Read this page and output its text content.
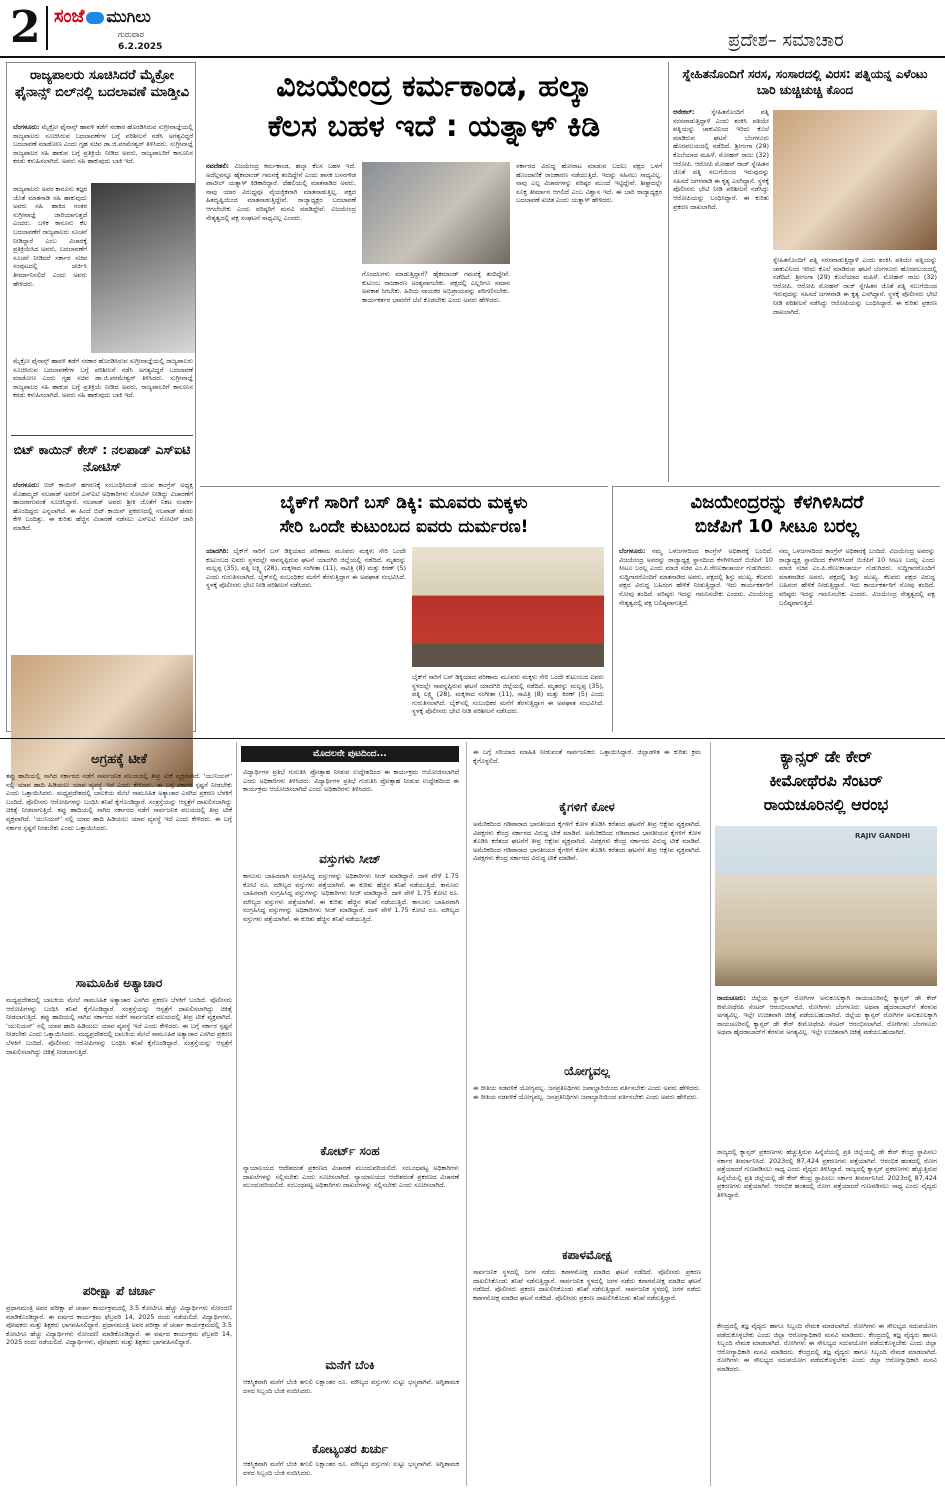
2 ಸಂಜೆ ಮುಗಿಲು
ಗುರುವಾರ
6.2.2025	ಪ್ರದೇಶ– ಸಮಾಚಾರ
ರಾಜ್ಯಪಾಲರು ಸೂಚಿಸಿದರೆ ಮೈಕ್ರೋ ಫೈನಾನ್ಸ್ ಬಿಲ್‌ನಲ್ಲಿ ಬದಲಾವಣೆ ಮಾಡ್ತೀವಿ
ಬೆಂಗಳೂರು: ಮೈಕ್ರೋ ಫೈನಾನ್ಸ್ ಹಾವಳಿ ತಡೆಗೆ ಸರಕಾರ ಹೊರಡಿಸಿರುವ ಸುಗ್ರೀವಾಜ್ಞೆಯಲ್ಲಿ ರಾಜ್ಯಪಾಲರು ಸೂಚಿಸಿರುವ ಬದಲಾವಣೆಗಳ ಬಗ್ಗೆ ಪರಿಶೀಲನೆ ನಡೆಸಿ ಅಗತ್ಯವಿದ್ದರೆ ಬದಲಾವಣೆ ಮಾಡೋಣ ಎಂದು ಗೃಹ ಸಚಿವ ಡಾ.ಜಿ.ಪರಮೇಶ್ವರ್ ತಿಳಿಸಿದರು. ಸುಗ್ರೀವಾಜ್ಞೆ ರಾಜ್ಯಪಾಲರ ಸಹಿ ಹಾಕುವ ಬಗ್ಗೆ ಪ್ರತಿಕ್ರಿಯೆ ನೀಡಿದ ಅವರು, ರಾಜ್ಯಪಾಲರಿಗೆ ಕಾನೂನಿನ ಕರಡು ಕಳುಹಿಸಲಾಗಿದೆ. ಅವರು ಸಹಿ ಹಾಕುವುದು ಬಾಕಿ ಇದೆ.
ರಾಜ್ಯಪಾಲರು ಅವರ ಕಾನೂನು ತಜ್ಞರ ಜೊತೆ ಮಾತನಾಡಿ ಸಹಿ ಹಾಕುವುದು ಅವರು ಸಹಿ ಹಾಕಿದ ನಂತರ ಸುಗ್ರೀವಾಜ್ಞೆ ಜಾರಿಯಾಗುತ್ತದೆ ಎಂದರು. ಬಳಿಕ ಕಾನೂನು ಕೆಲ ಬದಲಾವಣೆಗೆ ರಾಜ್ಯಪಾಲರು ಸೂಚನೆ ನೀಡಿದ್ದಾರೆ ಎಂಬ ವಿಚಾರಕ್ಕೆ ಪ್ರತಿಕ್ರಿಯಿಸಿದ ಅವರು, ಬದಲಾವಣೆಗೆ ಸೂಚನೆ ನೀಡಿದರೆ ಸರ್ಕಾರ ಸಚಿವ ಸಂಪುಟದಲ್ಲಿ ಚರ್ಚಿಸಿ ತೀರ್ಮಾನಿಸಲಿದೆ ಎಂದು ಅವರು ಹೇಳಿದರು.
ಮೈಕ್ರೋ ಫೈನಾನ್ಸ್ ಹಾವಳಿ ತಡೆಗೆ ಸರಕಾರ ಹೊರಡಿಸಿರುವ ಸುಗ್ರೀವಾಜ್ಞೆಯಲ್ಲಿ ರಾಜ್ಯಪಾಲರು ಸೂಚಿಸಿರುವ ಬದಲಾವಣೆಗಳ ಬಗ್ಗೆ ಪರಿಶೀಲನೆ ನಡೆಸಿ ಅಗತ್ಯವಿದ್ದರೆ ಬದಲಾವಣೆ ಮಾಡೋಣ ಎಂದು ಗೃಹ ಸಚಿವ ಡಾ.ಜಿ.ಪರಮೇಶ್ವರ್ ತಿಳಿಸಿದರು. ಸುಗ್ರೀವಾಜ್ಞೆ ರಾಜ್ಯಪಾಲರ ಸಹಿ ಹಾಕುವ ಬಗ್ಗೆ ಪ್ರತಿಕ್ರಿಯೆ ನೀಡಿದ ಅವರು, ರಾಜ್ಯಪಾಲರಿಗೆ ಕಾನೂನಿನ ಕರಡು ಕಳುಹಿಸಲಾಗಿದೆ. ಅವರು ಸಹಿ ಹಾಕುವುದು ಬಾಕಿ ಇದೆ.
ಬಿಟ್ ಕಾಯಿನ್ ಕೇಸ್ : ನಲಪಾಡ್ ಎಸ್‌ಐಟಿ ನೋಟಿಸ್
ಬೆಂಗಳೂರು: ಬಿಟ್ ಕಾಯಿನ್ ಹಗರಣಕ್ಕೆ ಸಂಬಂಧಿಸಿದಂತೆ ಯುವ ಕಾಂಗ್ರೆಸ್ ಅಧ್ಯಕ್ಷ ಮೊಹಮ್ಮದ್ ನಲಪಾಡ್ ಅವರಿಗೆ ಎಸ್‌ಐಟಿ ಅಧಿಕಾರಿಗಳು ನೋಟಿಸ್ ನೀಡಿದ್ದು ವಿಚಾರಣೆಗೆ ಹಾಜರಾಗುವಂತೆ ಸೂಚಿಸಿದ್ದಾರೆ. ನಲಪಾಡ್ ಅವರು ಶ್ರೀಕಿ ಜೊತೆಗೆ ನಿಕಟ ಸಂಪರ್ಕ ಹೊಂದಿದ್ದರು ಎನ್ನಲಾಗಿದೆ. ಈ ಹಿಂದೆ ಬಿಟ್ ಕಾಯಿನ್ ಪ್ರಕರಣದಲ್ಲಿ ನಲಪಾಡ್ ಹೆಸರು ಕೇಳಿ ಬಂದಿತ್ತು. ಈ ಕುರಿತು ಹೆಚ್ಚಿನ ವಿಚಾರಣೆ ನಡೆಸಲು ಎಸ್‌ಐಟಿ ನೋಟಿಸ್ ಜಾರಿ ಮಾಡಿದೆ.
ವಿಜಯೇಂದ್ರ ಕರ್ಮಕಾಂಡ, ಹಲ್ಕಾ
ಕೆಲಸ ಬಹಳ ಇದೆ : ಯತ್ನಾಳ್ ಕಿಡಿ
ನವದೆಹಲಿ: ವಿಜಯೇಂದ್ರ ಕರ್ಮಕಾಂಡ, ಹಲ್ಕಾ ಕೆಲಸ ಬಹಳ ಇದೆ. ಅದೆಲ್ಲವನ್ನೂ ಹೈಕಮಾಂಡ್ ಗಮನಕ್ಕೆ ತಂದಿದ್ದೇನೆ ಎಂದು ಶಾಸಕ ಬಸನಗೌಡ ಪಾಟೀಲ್ ಯತ್ನಾಳ್ ಕಿಡಿಕಾರಿದ್ದಾರೆ. ದೆಹಲಿಯಲ್ಲಿ ಮಾತನಾಡಿದ ಅವರು, ನಾವು ಯಾರ ವಿರುದ್ಧವೂ ವೈಯಕ್ತಿಕವಾಗಿ ಮಾತನಾಡುತ್ತಿಲ್ಲ. ಪಕ್ಷದ ಹಿತದೃಷ್ಟಿಯಿಂದ ಮಾತನಾಡುತ್ತಿದ್ದೇವೆ. ರಾಜ್ಯಾಧ್ಯಕ್ಷರ ಬದಲಾವಣೆ ಆಗಲೇಬೇಕು ಎಂದು ವರಿಷ್ಠರಿಗೆ ಮನವಿ ಮಾಡಿದ್ದೇವೆ. ವಿಜಯೇಂದ್ರ ನೇತೃತ್ವದಲ್ಲಿ ಪಕ್ಷ ಸಂಘಟನೆ ಸಾಧ್ಯವಿಲ್ಲ ಎಂದರು.
ಗೊಂದಲಗಳು ಮಾಡುತ್ತಿದ್ದಾರೆ? ಹೈಕಮಾಂಡ್ ಗಮನಕ್ಕೆ ತಂದಿದ್ದೇವೆ. ಕುಟುಂಬ ರಾಜಕಾರಣ ಅಂತ್ಯವಾಗಬೇಕು. ಪಕ್ಷದಲ್ಲಿ ಎಲ್ಲರಿಗೂ ಸಮಾನ ಅವಕಾಶ ಸಿಗಬೇಕು. ಹಿರಿಯ ನಾಯಕರ ಅಭಿಪ್ರಾಯವನ್ನು ಪರಿಗಣಿಸಬೇಕು. ಕಾರ್ಯಕರ್ತರ ಭಾವನೆಗೆ ಬೆಲೆ ಕೊಡಬೇಕು ಎಂದು ಅವರು ಹೇಳಿದರು.
ಸರ್ಕಾರದ ವಿರುದ್ಧ ಹೋರಾಟ ಮಾಡುವ ಬದಲು ಪಕ್ಷದ ಒಳಗೆ ಹೊಂದಾಣಿಕೆ ರಾಜಕಾರಣ ನಡೆಯುತ್ತಿದೆ. ಇದನ್ನು ಸಹಿಸಲು ಸಾಧ್ಯವಿಲ್ಲ. ನಾವು ಎಲ್ಲ ವಿಚಾರಗಳನ್ನು ವರಿಷ್ಠರ ಮುಂದೆ ಇಟ್ಟಿದ್ದೇವೆ. ಶೀಘ್ರದಲ್ಲೇ ಸೂಕ್ತ ತೀರ್ಮಾನ ಆಗಲಿದೆ ಎಂಬ ವಿಶ್ವಾಸ ಇದೆ. ಈ ಬಾರಿ ರಾಜ್ಯಾಧ್ಯಕ್ಷರ ಬದಲಾವಣೆ ಖಚಿತ ಎಂದು ಯತ್ನಾಳ್ ಹೇಳಿದರು.
ಸ್ನೇಹಿತನೊಂದಿಗೆ ಸರಸ, ಸಂಸಾರದಲ್ಲಿ ವಿರಸ: ಪತ್ನಿಯನ್ನ ಎಳೆಂಟು ಬಾರಿ ಚುಚ್ಚಿಚುಚ್ಚಿ ಕೊಂದ
ಆನೇಕಲ್:	ಸ್ನೇಹಿತನೊಂದಿಗೆ ಪತ್ನಿ ಸರಸವಾಡುತ್ತಿದ್ದಾಳೆ ಎಂದು ಶಂಕಿಸಿ ಪತಿಯೇ ಪತ್ನಿಯನ್ನು ಚಾಕುವಿನಿಂದ ಇರಿದು ಕೊಲೆ ಮಾಡಿರುವ ಘಟನೆ ಬೆಂಗಳೂರು ಹೊರವಲಯದಲ್ಲಿ ನಡೆದಿದೆ. ಶ್ರೀಗಂಗಾ (29) ಕೊಲೆಯಾದ ಮಹಿಳೆ. ಮೋಹನ್ ರಾಜು (32) ಆರೋಪಿ. ಆರೋಪಿ ಮೋಹನ್ ರಾಜ್ ಸ್ನೇಹಿತನ ಜೊತೆ ಪತ್ನಿ ಸಲುಗೆಯಿಂದ ಇರುವುದನ್ನು ಸಹಿಸದೆ ಜಗಳವಾಡಿ ಈ ಕೃತ್ಯ ಎಸಗಿದ್ದಾನೆ. ಸ್ಥಳಕ್ಕೆ ಪೊಲೀಸರು ಭೇಟಿ ನೀಡಿ ಪರಿಶೀಲನೆ ನಡೆಸಿದ್ದು ಆರೋಪಿಯನ್ನು ಬಂಧಿಸಿದ್ದಾರೆ. ಈ ಕುರಿತು ಪ್ರಕರಣ ದಾಖಲಾಗಿದೆ.
ಸ್ನೇಹಿತನೊಂದಿಗೆ ಪತ್ನಿ ಸರಸವಾಡುತ್ತಿದ್ದಾಳೆ ಎಂದು ಶಂಕಿಸಿ ಪತಿಯೇ ಪತ್ನಿಯನ್ನು ಚಾಕುವಿನಿಂದ ಇರಿದು ಕೊಲೆ ಮಾಡಿರುವ ಘಟನೆ ಬೆಂಗಳೂರು ಹೊರವಲಯದಲ್ಲಿ ನಡೆದಿದೆ. ಶ್ರೀಗಂಗಾ (29) ಕೊಲೆಯಾದ ಮಹಿಳೆ. ಮೋಹನ್ ರಾಜು (32) ಆರೋಪಿ. ಆರೋಪಿ ಮೋಹನ್ ರಾಜ್ ಸ್ನೇಹಿತನ ಜೊತೆ ಪತ್ನಿ ಸಲುಗೆಯಿಂದ ಇರುವುದನ್ನು ಸಹಿಸದೆ ಜಗಳವಾಡಿ ಈ ಕೃತ್ಯ ಎಸಗಿದ್ದಾನೆ. ಸ್ಥಳಕ್ಕೆ ಪೊಲೀಸರು ಭೇಟಿ ನೀಡಿ ಪರಿಶೀಲನೆ ನಡೆಸಿದ್ದು ಆರೋಪಿಯನ್ನು ಬಂಧಿಸಿದ್ದಾರೆ. ಈ ಕುರಿತು ಪ್ರಕರಣ ದಾಖಲಾಗಿದೆ.
ಬೈಕ್‌ಗೆ ಸಾರಿಗೆ ಬಸ್ ಡಿಕ್ಕಿ: ಮೂವರು ಮಕ್ಕಳು
ಸೇರಿ ಒಂದೇ ಕುಟುಂಬದ ಐವರು ದುರ್ಮರಣ!
ಯಾದಗಿರಿ: ಬೈಕ್‌ಗೆ ಸಾರಿಗೆ ಬಸ್ ಡಿಕ್ಕಿಯಾದ ಪರಿಣಾಮ ಮೂವರು ಮಕ್ಕಳು ಸೇರಿ ಒಂದೇ ಕುಟುಂಬದ ಐವರು ಸ್ಥಳದಲ್ಲೇ ಸಾವನ್ನಪ್ಪಿರುವ ಘಟನೆ ಯಾದಗಿರಿ ಜಿಲ್ಲೆಯಲ್ಲಿ ನಡೆದಿದೆ. ಮೃತರನ್ನು ಮಲ್ಲಪ್ಪ (35), ಪತ್ನಿ ಲಕ್ಷ್ಮಿ (28), ಮಕ್ಕಳಾದ ಸಂಗೀತಾ (11), ಸಾವಿತ್ರಿ (8) ಮತ್ತು ಕಿರಣ್ (5) ಎಂದು ಗುರುತಿಸಲಾಗಿದೆ. ಬೈಕ್‌ನಲ್ಲಿ ಸಂಬಂಧಿಕರ ಮನೆಗೆ ತೆರಳುತ್ತಿದ್ದಾಗ ಈ ಅಪಘಾತ ಸಂಭವಿಸಿದೆ. ಸ್ಥಳಕ್ಕೆ ಪೊಲೀಸರು ಭೇಟಿ ನೀಡಿ ಪರಿಶೀಲನೆ ನಡೆಸಿದರು.
ಬೈಕ್‌ಗೆ ಸಾರಿಗೆ ಬಸ್ ಡಿಕ್ಕಿಯಾದ ಪರಿಣಾಮ ಮೂವರು ಮಕ್ಕಳು ಸೇರಿ ಒಂದೇ ಕುಟುಂಬದ ಐವರು ಸ್ಥಳದಲ್ಲೇ ಸಾವನ್ನಪ್ಪಿರುವ ಘಟನೆ ಯಾದಗಿರಿ ಜಿಲ್ಲೆಯಲ್ಲಿ ನಡೆದಿದೆ. ಮೃತರನ್ನು ಮಲ್ಲಪ್ಪ (35), ಪತ್ನಿ ಲಕ್ಷ್ಮಿ (28), ಮಕ್ಕಳಾದ ಸಂಗೀತಾ (11), ಸಾವಿತ್ರಿ (8) ಮತ್ತು ಕಿರಣ್ (5) ಎಂದು ಗುರುತಿಸಲಾಗಿದೆ. ಬೈಕ್‌ನಲ್ಲಿ ಸಂಬಂಧಿಕರ ಮನೆಗೆ ತೆರಳುತ್ತಿದ್ದಾಗ ಈ ಅಪಘಾತ ಸಂಭವಿಸಿದೆ. ಸ್ಥಳಕ್ಕೆ ಪೊಲೀಸರು ಭೇಟಿ ನೀಡಿ ಪರಿಶೀಲನೆ ನಡೆಸಿದರು.
ವಿಜಯೇಂದ್ರರನ್ನು ಕೆಳಗಿಳಿಸಿದರೆ
ಬಿಜೆಪಿಗೆ 10 ಸೀಟೂ ಬರಲ್ಲ
ಬೆಂಗಳೂರು: ನಮ್ಮ ಒಳಜಗಳದಿಂದ ಕಾಂಗ್ರೆಸ್ ಅಧಿಕಾರಕ್ಕೆ ಬಂದಿದೆ. ವಿಜಯೇಂದ್ರ ಅವರನ್ನು ರಾಜ್ಯಾಧ್ಯಕ್ಷ ಸ್ಥಾನದಿಂದ ಕೆಳಗಿಳಿಸಿದರೆ ಬಿಜೆಪಿಗೆ 10 ಸೀಟೂ ಬರಲ್ಲ ಎಂದು ಮಾಜಿ ಸಚಿವ ಎಂ.ಪಿ.ರೇಣುಕಾಚಾರ್ಯ ಗುಡುಗಿದರು. ಸುದ್ದಿಗಾರರೊಂದಿಗೆ ಮಾತನಾಡಿದ ಅವರು, ಪಕ್ಷದಲ್ಲಿ ಶಿಸ್ತು ಮುಖ್ಯ. ಕೆಲವರು ಪಕ್ಷದ ವಿರುದ್ಧ ಬಹಿರಂಗ ಹೇಳಿಕೆ ನೀಡುತ್ತಿದ್ದಾರೆ. ಇದು ಕಾರ್ಯಕರ್ತರಿಗೆ ನೋವು ತಂದಿದೆ. ವರಿಷ್ಠರು ಇದನ್ನು ಗಮನಿಸಬೇಕು ಎಂದರು. ವಿಜಯೇಂದ್ರ ನೇತೃತ್ವದಲ್ಲಿ ಪಕ್ಷ ಬಲಿಷ್ಠವಾಗುತ್ತಿದೆ.
ನಮ್ಮ ಒಳಜಗಳದಿಂದ ಕಾಂಗ್ರೆಸ್ ಅಧಿಕಾರಕ್ಕೆ ಬಂದಿದೆ. ವಿಜಯೇಂದ್ರ ಅವರನ್ನು ರಾಜ್ಯಾಧ್ಯಕ್ಷ ಸ್ಥಾನದಿಂದ ಕೆಳಗಿಳಿಸಿದರೆ ಬಿಜೆಪಿಗೆ 10 ಸೀಟೂ ಬರಲ್ಲ ಎಂದು ಮಾಜಿ ಸಚಿವ ಎಂ.ಪಿ.ರೇಣುಕಾಚಾರ್ಯ ಗುಡುಗಿದರು. ಸುದ್ದಿಗಾರರೊಂದಿಗೆ ಮಾತನಾಡಿದ ಅವರು, ಪಕ್ಷದಲ್ಲಿ ಶಿಸ್ತು ಮುಖ್ಯ. ಕೆಲವರು ಪಕ್ಷದ ವಿರುದ್ಧ ಬಹಿರಂಗ ಹೇಳಿಕೆ ನೀಡುತ್ತಿದ್ದಾರೆ. ಇದು ಕಾರ್ಯಕರ್ತರಿಗೆ ನೋವು ತಂದಿದೆ. ವರಿಷ್ಠರು ಇದನ್ನು ಗಮನಿಸಬೇಕು ಎಂದರು. ವಿಜಯೇಂದ್ರ ನೇತೃತ್ವದಲ್ಲಿ ಪಕ್ಷ ಬಲಿಷ್ಠವಾಗುತ್ತಿದೆ.
ಅಗ್ರಹಕ್ಕೆ ಟೀಕೆ
ತಪ್ಪು ಹಾದಿಯಲ್ಲಿ ಸಾಗಿದ ಸರ್ಕಾರದ ನಡೆಗೆ ಸಾರ್ವಜನಿಕ ವಲಯದಲ್ಲಿ ತೀವ್ರ ಟೀಕೆ ವ್ಯಕ್ತವಾಗಿದೆ. 'ಯುನಿಯನ್' ನಲ್ಲಿ ಯಾವ ಹಾದಿ ಹಿಡಿಯಲು ಯಾವ ವ್ಯವಸ್ಥೆ ಇದೆ ಎಂದು ಕೇಳಿದರು. ಈ ಬಗ್ಗೆ ಸರ್ಕಾರ ಸ್ಪಷ್ಟನೆ ನೀಡಬೇಕು ಎಂದು ಒತ್ತಾಯಿಸಿದರು. ಮಧ್ಯಪ್ರದೇಶದಲ್ಲಿ ಬಾಲಕಿಯ ಮೇಲೆ ಸಾಮೂಹಿಕ ಅತ್ಯಾಚಾರ ಎಸಗಿದ ಪ್ರಕರಣ ಬೆಳಕಿಗೆ ಬಂದಿದೆ. ಪೊಲೀಸರು ಆರೋಪಿಗಳನ್ನು ಬಂಧಿಸಿ ತನಿಖೆ ಕೈಗೊಂಡಿದ್ದಾರೆ. ಸಂತ್ರಸ್ತೆಯನ್ನು ಆಸ್ಪತ್ರೆಗೆ ದಾಖಲಿಸಲಾಗಿದ್ದು ಚಿಕಿತ್ಸೆ ನೀಡಲಾಗುತ್ತಿದೆ. ತಪ್ಪು ಹಾದಿಯಲ್ಲಿ ಸಾಗಿದ ಸರ್ಕಾರದ ನಡೆಗೆ ಸಾರ್ವಜನಿಕ ವಲಯದಲ್ಲಿ ತೀವ್ರ ಟೀಕೆ ವ್ಯಕ್ತವಾಗಿದೆ. 'ಯುನಿಯನ್' ನಲ್ಲಿ ಯಾವ ಹಾದಿ ಹಿಡಿಯಲು ಯಾವ ವ್ಯವಸ್ಥೆ ಇದೆ ಎಂದು ಕೇಳಿದರು. ಈ ಬಗ್ಗೆ ಸರ್ಕಾರ ಸ್ಪಷ್ಟನೆ ನೀಡಬೇಕು ಎಂದು ಒತ್ತಾಯಿಸಿದರು.
ಸಾಮೂಹಿಕ ಅತ್ಯಾಚಾರ
ಮಧ್ಯಪ್ರದೇಶದಲ್ಲಿ ಬಾಲಕಿಯ ಮೇಲೆ ಸಾಮೂಹಿಕ ಅತ್ಯಾಚಾರ ಎಸಗಿದ ಪ್ರಕರಣ ಬೆಳಕಿಗೆ ಬಂದಿದೆ. ಪೊಲೀಸರು ಆರೋಪಿಗಳನ್ನು ಬಂಧಿಸಿ ತನಿಖೆ ಕೈಗೊಂಡಿದ್ದಾರೆ. ಸಂತ್ರಸ್ತೆಯನ್ನು ಆಸ್ಪತ್ರೆಗೆ ದಾಖಲಿಸಲಾಗಿದ್ದು ಚಿಕಿತ್ಸೆ ನೀಡಲಾಗುತ್ತಿದೆ. ತಪ್ಪು ಹಾದಿಯಲ್ಲಿ ಸಾಗಿದ ಸರ್ಕಾರದ ನಡೆಗೆ ಸಾರ್ವಜನಿಕ ವಲಯದಲ್ಲಿ ತೀವ್ರ ಟೀಕೆ ವ್ಯಕ್ತವಾಗಿದೆ. 'ಯುನಿಯನ್' ನಲ್ಲಿ ಯಾವ ಹಾದಿ ಹಿಡಿಯಲು ಯಾವ ವ್ಯವಸ್ಥೆ ಇದೆ ಎಂದು ಕೇಳಿದರು. ಈ ಬಗ್ಗೆ ಸರ್ಕಾರ ಸ್ಪಷ್ಟನೆ ನೀಡಬೇಕು ಎಂದು ಒತ್ತಾಯಿಸಿದರು. ಮಧ್ಯಪ್ರದೇಶದಲ್ಲಿ ಬಾಲಕಿಯ ಮೇಲೆ ಸಾಮೂಹಿಕ ಅತ್ಯಾಚಾರ ಎಸಗಿದ ಪ್ರಕರಣ ಬೆಳಕಿಗೆ ಬಂದಿದೆ. ಪೊಲೀಸರು ಆರೋಪಿಗಳನ್ನು ಬಂಧಿಸಿ ತನಿಖೆ ಕೈಗೊಂಡಿದ್ದಾರೆ. ಸಂತ್ರಸ್ತೆಯನ್ನು ಆಸ್ಪತ್ರೆಗೆ ದಾಖಲಿಸಲಾಗಿದ್ದು ಚಿಕಿತ್ಸೆ ನೀಡಲಾಗುತ್ತಿದೆ.
ಪರೀಕ್ಷಾ ಪೆ ಚರ್ಚಾ
ಪ್ರಧಾನಮಂತ್ರಿ ಅವರ ಪರೀಕ್ಷಾ ಪೆ ಚರ್ಚಾ ಕಾರ್ಯಕ್ರಮದಲ್ಲಿ 3.5 ಕೋಟಿಗೂ ಹೆಚ್ಚು ವಿದ್ಯಾರ್ಥಿಗಳು ನೋಂದಣಿ ಮಾಡಿಕೊಂಡಿದ್ದಾರೆ. ಈ ವರ್ಷದ ಕಾರ್ಯಕ್ರಮ ಫೆಬ್ರವರಿ 14, 2025 ರಂದು ನಡೆಯಲಿದೆ. ವಿದ್ಯಾರ್ಥಿಗಳು, ಪೋಷಕರು ಮತ್ತು ಶಿಕ್ಷಕರು ಭಾಗವಹಿಸಲಿದ್ದಾರೆ. ಪ್ರಧಾನಮಂತ್ರಿ ಅವರ ಪರೀಕ್ಷಾ ಪೆ ಚರ್ಚಾ ಕಾರ್ಯಕ್ರಮದಲ್ಲಿ 3.5 ಕೋಟಿಗೂ ಹೆಚ್ಚು ವಿದ್ಯಾರ್ಥಿಗಳು ನೋಂದಣಿ ಮಾಡಿಕೊಂಡಿದ್ದಾರೆ. ಈ ವರ್ಷದ ಕಾರ್ಯಕ್ರಮ ಫೆಬ್ರವರಿ 14, 2025 ರಂದು ನಡೆಯಲಿದೆ. ವಿದ್ಯಾರ್ಥಿಗಳು, ಪೋಷಕರು ಮತ್ತು ಶಿಕ್ಷಕರು ಭಾಗವಹಿಸಲಿದ್ದಾರೆ.
ಮೊದಲನೇ ಪುಟದಿಂದ...
ವಿದ್ಯಾರ್ಥಿಗಳ ಪ್ರತಿಭೆ ಗುರುತಿಸಿ ಪ್ರೋತ್ಸಾಹ ನೀಡುವ ಉದ್ದೇಶದಿಂದ ಈ ಕಾರ್ಯಕ್ರಮ ಆಯೋಜಿಸಲಾಗಿದೆ ಎಂದು ಅಧಿಕಾರಿಗಳು ತಿಳಿಸಿದರು. ವಿದ್ಯಾರ್ಥಿಗಳ ಪ್ರತಿಭೆ ಗುರುತಿಸಿ ಪ್ರೋತ್ಸಾಹ ನೀಡುವ ಉದ್ದೇಶದಿಂದ ಈ ಕಾರ್ಯಕ್ರಮ ಆಯೋಜಿಸಲಾಗಿದೆ ಎಂದು ಅಧಿಕಾರಿಗಳು ತಿಳಿಸಿದರು.
ವಸ್ತುಗಳು ಸೀಜ್
ಕಾನೂನು ಬಾಹಿರವಾಗಿ ಸಂಗ್ರಹಿಸಿದ್ದ ವಸ್ತುಗಳನ್ನು ಅಧಿಕಾರಿಗಳು ಸೀಜ್ ಮಾಡಿದ್ದಾರೆ. ದಾಳಿ ವೇಳೆ 1.75 ಕೋಟಿ ರೂ. ಮೌಲ್ಯದ ವಸ್ತುಗಳು ಪತ್ತೆಯಾಗಿವೆ. ಈ ಕುರಿತು ಹೆಚ್ಚಿನ ತನಿಖೆ ನಡೆಯುತ್ತಿದೆ. ಕಾನೂನು ಬಾಹಿರವಾಗಿ ಸಂಗ್ರಹಿಸಿದ್ದ ವಸ್ತುಗಳನ್ನು ಅಧಿಕಾರಿಗಳು ಸೀಜ್ ಮಾಡಿದ್ದಾರೆ. ದಾಳಿ ವೇಳೆ 1.75 ಕೋಟಿ ರೂ. ಮೌಲ್ಯದ ವಸ್ತುಗಳು ಪತ್ತೆಯಾಗಿವೆ. ಈ ಕುರಿತು ಹೆಚ್ಚಿನ ತನಿಖೆ ನಡೆಯುತ್ತಿದೆ. ಕಾನೂನು ಬಾಹಿರವಾಗಿ ಸಂಗ್ರಹಿಸಿದ್ದ ವಸ್ತುಗಳನ್ನು ಅಧಿಕಾರಿಗಳು ಸೀಜ್ ಮಾಡಿದ್ದಾರೆ. ದಾಳಿ ವೇಳೆ 1.75 ಕೋಟಿ ರೂ. ಮೌಲ್ಯದ ವಸ್ತುಗಳು ಪತ್ತೆಯಾಗಿವೆ. ಈ ಕುರಿತು ಹೆಚ್ಚಿನ ತನಿಖೆ ನಡೆಯುತ್ತಿದೆ.
ಕೋರ್ಟ್ ಸಂಹ
ನ್ಯಾಯಾಲಯದ ಆದೇಶದಂತೆ ಪ್ರಕರಣದ ವಿಚಾರಣೆ ಮುಂದುವರಿಯಲಿದೆ. ಸಂಬಂಧಪಟ್ಟ ಅಧಿಕಾರಿಗಳು ದಾಖಲೆಗಳನ್ನು ಸಲ್ಲಿಸಬೇಕು ಎಂದು ಸೂಚಿಸಲಾಗಿದೆ. ನ್ಯಾಯಾಲಯದ ಆದೇಶದಂತೆ ಪ್ರಕರಣದ ವಿಚಾರಣೆ ಮುಂದುವರಿಯಲಿದೆ. ಸಂಬಂಧಪಟ್ಟ ಅಧಿಕಾರಿಗಳು ದಾಖಲೆಗಳನ್ನು ಸಲ್ಲಿಸಬೇಕು ಎಂದು ಸೂಚಿಸಲಾಗಿದೆ.
ಮನೆಗೆ ಬೆಂಕಿ
ಆಕಸ್ಮಿಕವಾಗಿ ಮನೆಗೆ ಬೆಂಕಿ ತಗುಲಿ ಲಕ್ಷಾಂತರ ರೂ. ಮೌಲ್ಯದ ವಸ್ತುಗಳು ಸುಟ್ಟು ಭಸ್ಮವಾಗಿವೆ. ಅಗ್ನಿಶಾಮಕ ದಳದ ಸಿಬ್ಬಂದಿ ಬೆಂಕಿ ನಂದಿಸಿದರು.
ಕೋಟ್ಯಂತರ ಖರ್ಚು
ಆಕಸ್ಮಿಕವಾಗಿ ಮನೆಗೆ ಬೆಂಕಿ ತಗುಲಿ ಲಕ್ಷಾಂತರ ರೂ. ಮೌಲ್ಯದ ವಸ್ತುಗಳು ಸುಟ್ಟು ಭಸ್ಮವಾಗಿವೆ. ಅಗ್ನಿಶಾಮಕ ದಳದ ಸಿಬ್ಬಂದಿ ಬೆಂಕಿ ನಂದಿಸಿದರು.
ಈ ಬಗ್ಗೆ ಸರಿಯಾದ ಮಾಹಿತಿ ನೀಡುವಂತೆ ಸಾರ್ವಜನಿಕರು ಒತ್ತಾಯಿಸಿದ್ದಾರೆ. ಜಿಲ್ಲಾಡಳಿತ ಈ ಕುರಿತು ಕ್ರಮ ಕೈಗೊಳ್ಳಲಿದೆ.
ಕೈಗಳಿಗೆ ಕೋಳ
ಅಮೆರಿಕದಿಂದ ಗಡಿಪಾರಾದ ಭಾರತೀಯರ ಕೈಗಳಿಗೆ ಕೋಳ ತೊಡಿಸಿ ಕರೆತಂದ ಘಟನೆಗೆ ತೀವ್ರ ಆಕ್ಷೇಪ ವ್ಯಕ್ತವಾಗಿದೆ. ವಿಪಕ್ಷಗಳು ಕೇಂದ್ರ ಸರ್ಕಾರದ ವಿರುದ್ಧ ಟೀಕೆ ಮಾಡಿವೆ. ಅಮೆರಿಕದಿಂದ ಗಡಿಪಾರಾದ ಭಾರತೀಯರ ಕೈಗಳಿಗೆ ಕೋಳ ತೊಡಿಸಿ ಕರೆತಂದ ಘಟನೆಗೆ ತೀವ್ರ ಆಕ್ಷೇಪ ವ್ಯಕ್ತವಾಗಿದೆ. ವಿಪಕ್ಷಗಳು ಕೇಂದ್ರ ಸರ್ಕಾರದ ವಿರುದ್ಧ ಟೀಕೆ ಮಾಡಿವೆ. ಅಮೆರಿಕದಿಂದ ಗಡಿಪಾರಾದ ಭಾರತೀಯರ ಕೈಗಳಿಗೆ ಕೋಳ ತೊಡಿಸಿ ಕರೆತಂದ ಘಟನೆಗೆ ತೀವ್ರ ಆಕ್ಷೇಪ ವ್ಯಕ್ತವಾಗಿದೆ. ವಿಪಕ್ಷಗಳು ಕೇಂದ್ರ ಸರ್ಕಾರದ ವಿರುದ್ಧ ಟೀಕೆ ಮಾಡಿವೆ.
ಯೋಗ್ಯವಲ್ಲ
ಈ ರೀತಿಯ ನಡವಳಿಕೆ ಯೋಗ್ಯವಲ್ಲ. ಜನಪ್ರತಿನಿಧಿಗಳು ಜವಾಬ್ದಾರಿಯಿಂದ ವರ್ತಿಸಬೇಕು ಎಂದು ಅವರು ಹೇಳಿದರು. ಈ ರೀತಿಯ ನಡವಳಿಕೆ ಯೋಗ್ಯವಲ್ಲ. ಜನಪ್ರತಿನಿಧಿಗಳು ಜವಾಬ್ದಾರಿಯಿಂದ ವರ್ತಿಸಬೇಕು ಎಂದು ಅವರು ಹೇಳಿದರು.
ಕಪಾಳಮೋಕ್ಷ
ಸಾರ್ವಜನಿಕ ಸ್ಥಳದಲ್ಲಿ ಜಗಳ ನಡೆದು ಕಪಾಳಮೋಕ್ಷ ಮಾಡಿದ ಘಟನೆ ನಡೆದಿದೆ. ಪೊಲೀಸರು ಪ್ರಕರಣ ದಾಖಲಿಸಿಕೊಂಡು ತನಿಖೆ ನಡೆಸುತ್ತಿದ್ದಾರೆ. ಸಾರ್ವಜನಿಕ ಸ್ಥಳದಲ್ಲಿ ಜಗಳ ನಡೆದು ಕಪಾಳಮೋಕ್ಷ ಮಾಡಿದ ಘಟನೆ ನಡೆದಿದೆ. ಪೊಲೀಸರು ಪ್ರಕರಣ ದಾಖಲಿಸಿಕೊಂಡು ತನಿಖೆ ನಡೆಸುತ್ತಿದ್ದಾರೆ. ಸಾರ್ವಜನಿಕ ಸ್ಥಳದಲ್ಲಿ ಜಗಳ ನಡೆದು ಕಪಾಳಮೋಕ್ಷ ಮಾಡಿದ ಘಟನೆ ನಡೆದಿದೆ. ಪೊಲೀಸರು ಪ್ರಕರಣ ದಾಖಲಿಸಿಕೊಂಡು ತನಿಖೆ ನಡೆಸುತ್ತಿದ್ದಾರೆ.
ಕ್ಯಾನ್ಸರ್ ಡೇ ಕೇರ್
ಕೀಮೋಥೆರಪಿ ಸೆಂಟರ್
ರಾಯಚೂರಿನಲ್ಲಿ ಆರಂಭ
RAJIV GANDHI
ರಾಯಚೂರು: ಜಿಲ್ಲೆಯ ಕ್ಯಾನ್ಸರ್ ರೋಗಿಗಳ ಅನುಕೂಲಕ್ಕಾಗಿ ರಾಯಚೂರಿನಲ್ಲಿ ಕ್ಯಾನ್ಸರ್ ಡೇ ಕೇರ್ ಕೀಮೋಥೆರಪಿ ಸೆಂಟರ್ ಆರಂಭಿಸಲಾಗಿದೆ. ರೋಗಿಗಳು ಬೆಂಗಳೂರು ಅಥವಾ ಹೈದರಾಬಾದ್‌ಗೆ ತೆರಳುವ ಅಗತ್ಯವಿಲ್ಲ. ಇಲ್ಲೇ ಉಚಿತವಾಗಿ ಚಿಕಿತ್ಸೆ ಪಡೆಯಬಹುದಾಗಿದೆ. ಜಿಲ್ಲೆಯ ಕ್ಯಾನ್ಸರ್ ರೋಗಿಗಳ ಅನುಕೂಲಕ್ಕಾಗಿ ರಾಯಚೂರಿನಲ್ಲಿ ಕ್ಯಾನ್ಸರ್ ಡೇ ಕೇರ್ ಕೀಮೋಥೆರಪಿ ಸೆಂಟರ್ ಆರಂಭಿಸಲಾಗಿದೆ. ರೋಗಿಗಳು ಬೆಂಗಳೂರು ಅಥವಾ ಹೈದರಾಬಾದ್‌ಗೆ ತೆರಳುವ ಅಗತ್ಯವಿಲ್ಲ. ಇಲ್ಲೇ ಉಚಿತವಾಗಿ ಚಿಕಿತ್ಸೆ ಪಡೆಯಬಹುದಾಗಿದೆ.
ರಾಜ್ಯದಲ್ಲಿ ಕ್ಯಾನ್ಸರ್ ಪ್ರಕರಣಗಳು ಹೆಚ್ಚುತ್ತಿರುವ ಹಿನ್ನೆಲೆಯಲ್ಲಿ ಪ್ರತಿ ಜಿಲ್ಲೆಯಲ್ಲಿ ಡೇ ಕೇರ್ ಕೇಂದ್ರ ಸ್ಥಾಪಿಸಲು ಸರ್ಕಾರ ತೀರ್ಮಾನಿಸಿದೆ. 2023ರಲ್ಲಿ 87,424 ಪ್ರಕರಣಗಳು ಪತ್ತೆಯಾಗಿವೆ. ಆರಂಭಿಕ ಹಂತದಲ್ಲಿ ರೋಗ ಪತ್ತೆಯಾದರೆ ಗುಣಪಡಿಸಲು ಸಾಧ್ಯ ಎಂದು ವೈದ್ಯರು ತಿಳಿಸಿದ್ದಾರೆ. ರಾಜ್ಯದಲ್ಲಿ ಕ್ಯಾನ್ಸರ್ ಪ್ರಕರಣಗಳು ಹೆಚ್ಚುತ್ತಿರುವ ಹಿನ್ನೆಲೆಯಲ್ಲಿ ಪ್ರತಿ ಜಿಲ್ಲೆಯಲ್ಲಿ ಡೇ ಕೇರ್ ಕೇಂದ್ರ ಸ್ಥಾಪಿಸಲು ಸರ್ಕಾರ ತೀರ್ಮಾನಿಸಿದೆ. 2023ರಲ್ಲಿ 87,424 ಪ್ರಕರಣಗಳು ಪತ್ತೆಯಾಗಿವೆ. ಆರಂಭಿಕ ಹಂತದಲ್ಲಿ ರೋಗ ಪತ್ತೆಯಾದರೆ ಗುಣಪಡಿಸಲು ಸಾಧ್ಯ ಎಂದು ವೈದ್ಯರು ತಿಳಿಸಿದ್ದಾರೆ.
ಕೇಂದ್ರದಲ್ಲಿ ತಜ್ಞ ವೈದ್ಯರು ಹಾಗೂ ಸಿಬ್ಬಂದಿ ನೇಮಕ ಮಾಡಲಾಗಿದೆ. ರೋಗಿಗಳು ಈ ಸೌಲಭ್ಯದ ಸದುಪಯೋಗ ಪಡೆದುಕೊಳ್ಳಬೇಕು ಎಂದು ಜಿಲ್ಲಾ ಆರೋಗ್ಯಾಧಿಕಾರಿ ಮನವಿ ಮಾಡಿದರು. ಕೇಂದ್ರದಲ್ಲಿ ತಜ್ಞ ವೈದ್ಯರು ಹಾಗೂ ಸಿಬ್ಬಂದಿ ನೇಮಕ ಮಾಡಲಾಗಿದೆ. ರೋಗಿಗಳು ಈ ಸೌಲಭ್ಯದ ಸದುಪಯೋಗ ಪಡೆದುಕೊಳ್ಳಬೇಕು ಎಂದು ಜಿಲ್ಲಾ ಆರೋಗ್ಯಾಧಿಕಾರಿ ಮನವಿ ಮಾಡಿದರು. ಕೇಂದ್ರದಲ್ಲಿ ತಜ್ಞ ವೈದ್ಯರು ಹಾಗೂ ಸಿಬ್ಬಂದಿ ನೇಮಕ ಮಾಡಲಾಗಿದೆ. ರೋಗಿಗಳು ಈ ಸೌಲಭ್ಯದ ಸದುಪಯೋಗ ಪಡೆದುಕೊಳ್ಳಬೇಕು ಎಂದು ಜಿಲ್ಲಾ ಆರೋಗ್ಯಾಧಿಕಾರಿ ಮನವಿ ಮಾಡಿದರು.
